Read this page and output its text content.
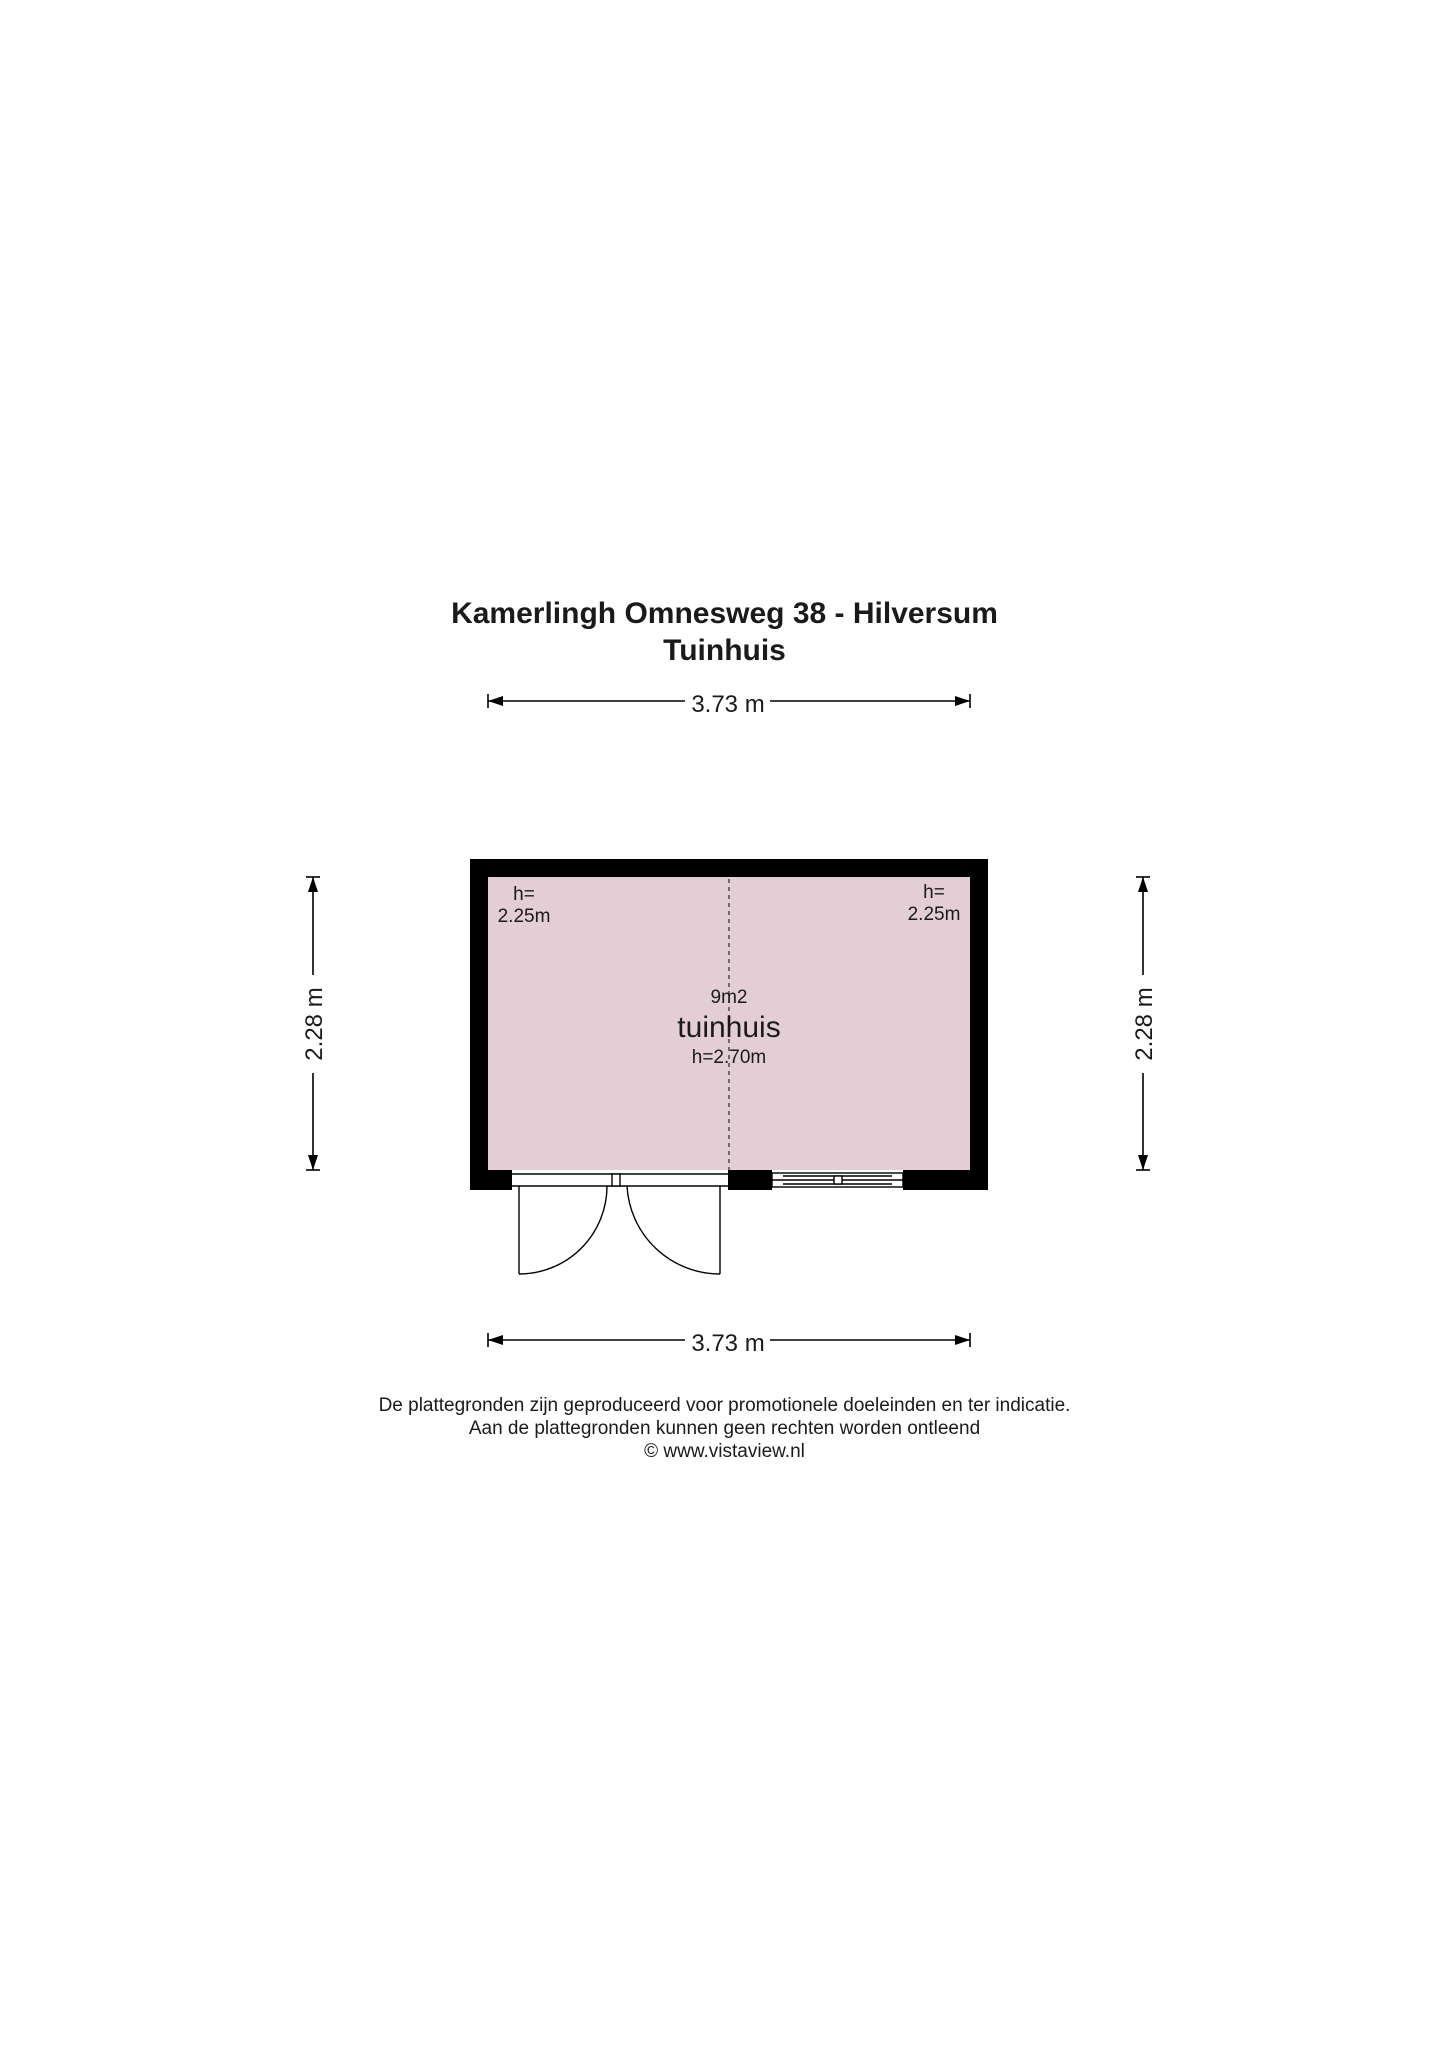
Kamerlingh Omnesweg 38 - Hilversum
Tuinhuis
3.73 m
3.73 m
2.28 m	2.28 m
h=
2.25m
h=
2.25m
9m2
tuinhuis
h=2.70m
De plattegronden zijn geproduceerd voor promotionele doeleinden en ter indicatie.
Aan de plattegronden kunnen geen rechten worden ontleend
© www.vistaview.nl
